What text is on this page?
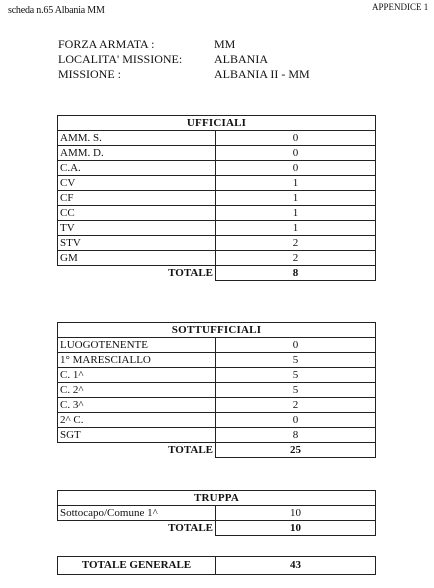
scheda n.65 Albania MM	APPENDICE 1
FORZA ARMATA :	MM
LOCALITA' MISSIONE:	ALBANIA
MISSIONE :	ALBANIA II - MM
UFFICIALI	
AMM. S.	0
AMM. D.	0
C.A.	0
CV	1
CF	1
CC	1
TV	1
STV	2
GM	2
TOTALE	8
SOTTUFFICIALI	
LUOGOTENENTE	0
1° MARESCIALLO	5
C. 1^	5
C. 2^	5
C. 3^	2
2^ C.	0
SGT	8
TOTALE	25
TRUPPA	
Sottocapo/Comune 1^	10
TOTALE	10
TOTALE GENERALE	43
